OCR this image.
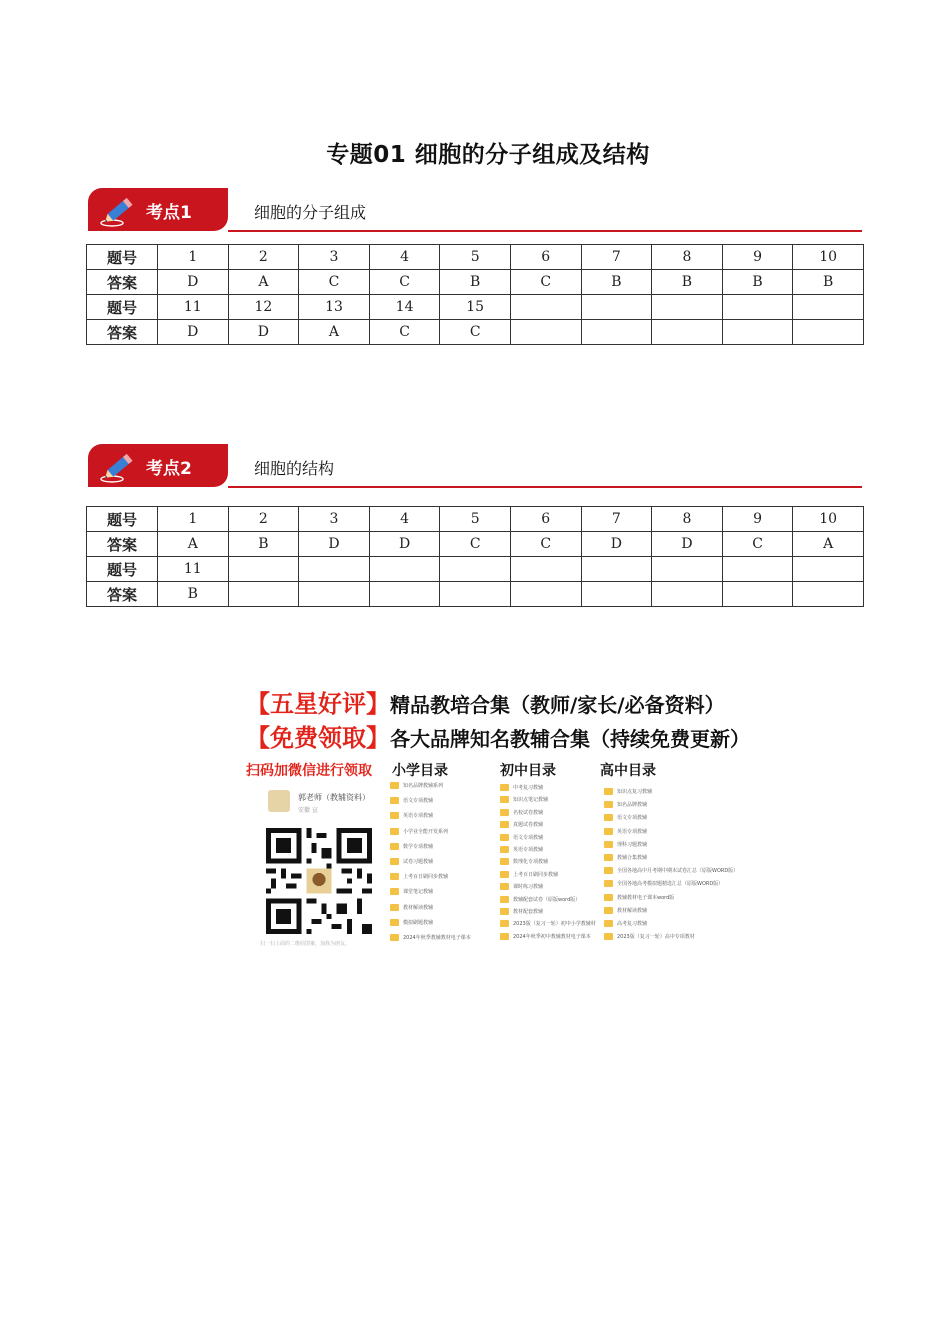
专题01 细胞的分子组成及结构
考点1	细胞的分子组成
题号	1	2	3	4	5	6	7	8	9	10
答案	D	A	C	C	B	C	B	B	B	B
题号	11	12	13	14	15					
答案	D	D	A	C	C					
考点2	细胞的结构
题号	1	2	3	4	5	6	7	8	9	10
答案	A	B	D	D	C	C	D	D	C	A
题号	11									
答案	B									
【五星好评】精品教培合集（教师/家长/必备资料）
【免费领取】各大品牌知名教辅合集（持续免费更新）
扫码加微信进行领取 小学目录	初中目录	高中目录
郭老师（教辅资料）
安徽 宣
扫一扫上面的二维码图案，加我为朋友。
知名品牌教辅系列
语文专项教辅
英语专项教辅
小学业全能开发系列
数学专项教辅
试卷习题教辅
上考百日刷同步教辅
课堂笔记教辅
教材解读教辅
模拟刷题教辅
2024年秋季教辅教材电子课本
中考复习教辅
知识点笔记教辅
名校试卷教辅
真题试卷教辅
语文专项教辅
英语专项教辅
数理化专项教辅
上考百日刷同步教辅
课时练习教辅
教辅配套试卷（原版word版）
教材配套教辅
2023版（复习一轮）初中小学教辅材
2024年秋季初中教辅教材电子课本
知识点复习教辅
知名品牌教辅
语文专项教辅
英语专项教辅
理科习题教辅
教辅合集教辅
全国各地高中月考期中期末试卷汇总（原版WORD版）
全国各地高考模拟题精选汇总（原版WORD版）
教辅教材电子课本word版
教材解读教辅
高考复习教辅
2023版（复习一轮）高中专项教材
